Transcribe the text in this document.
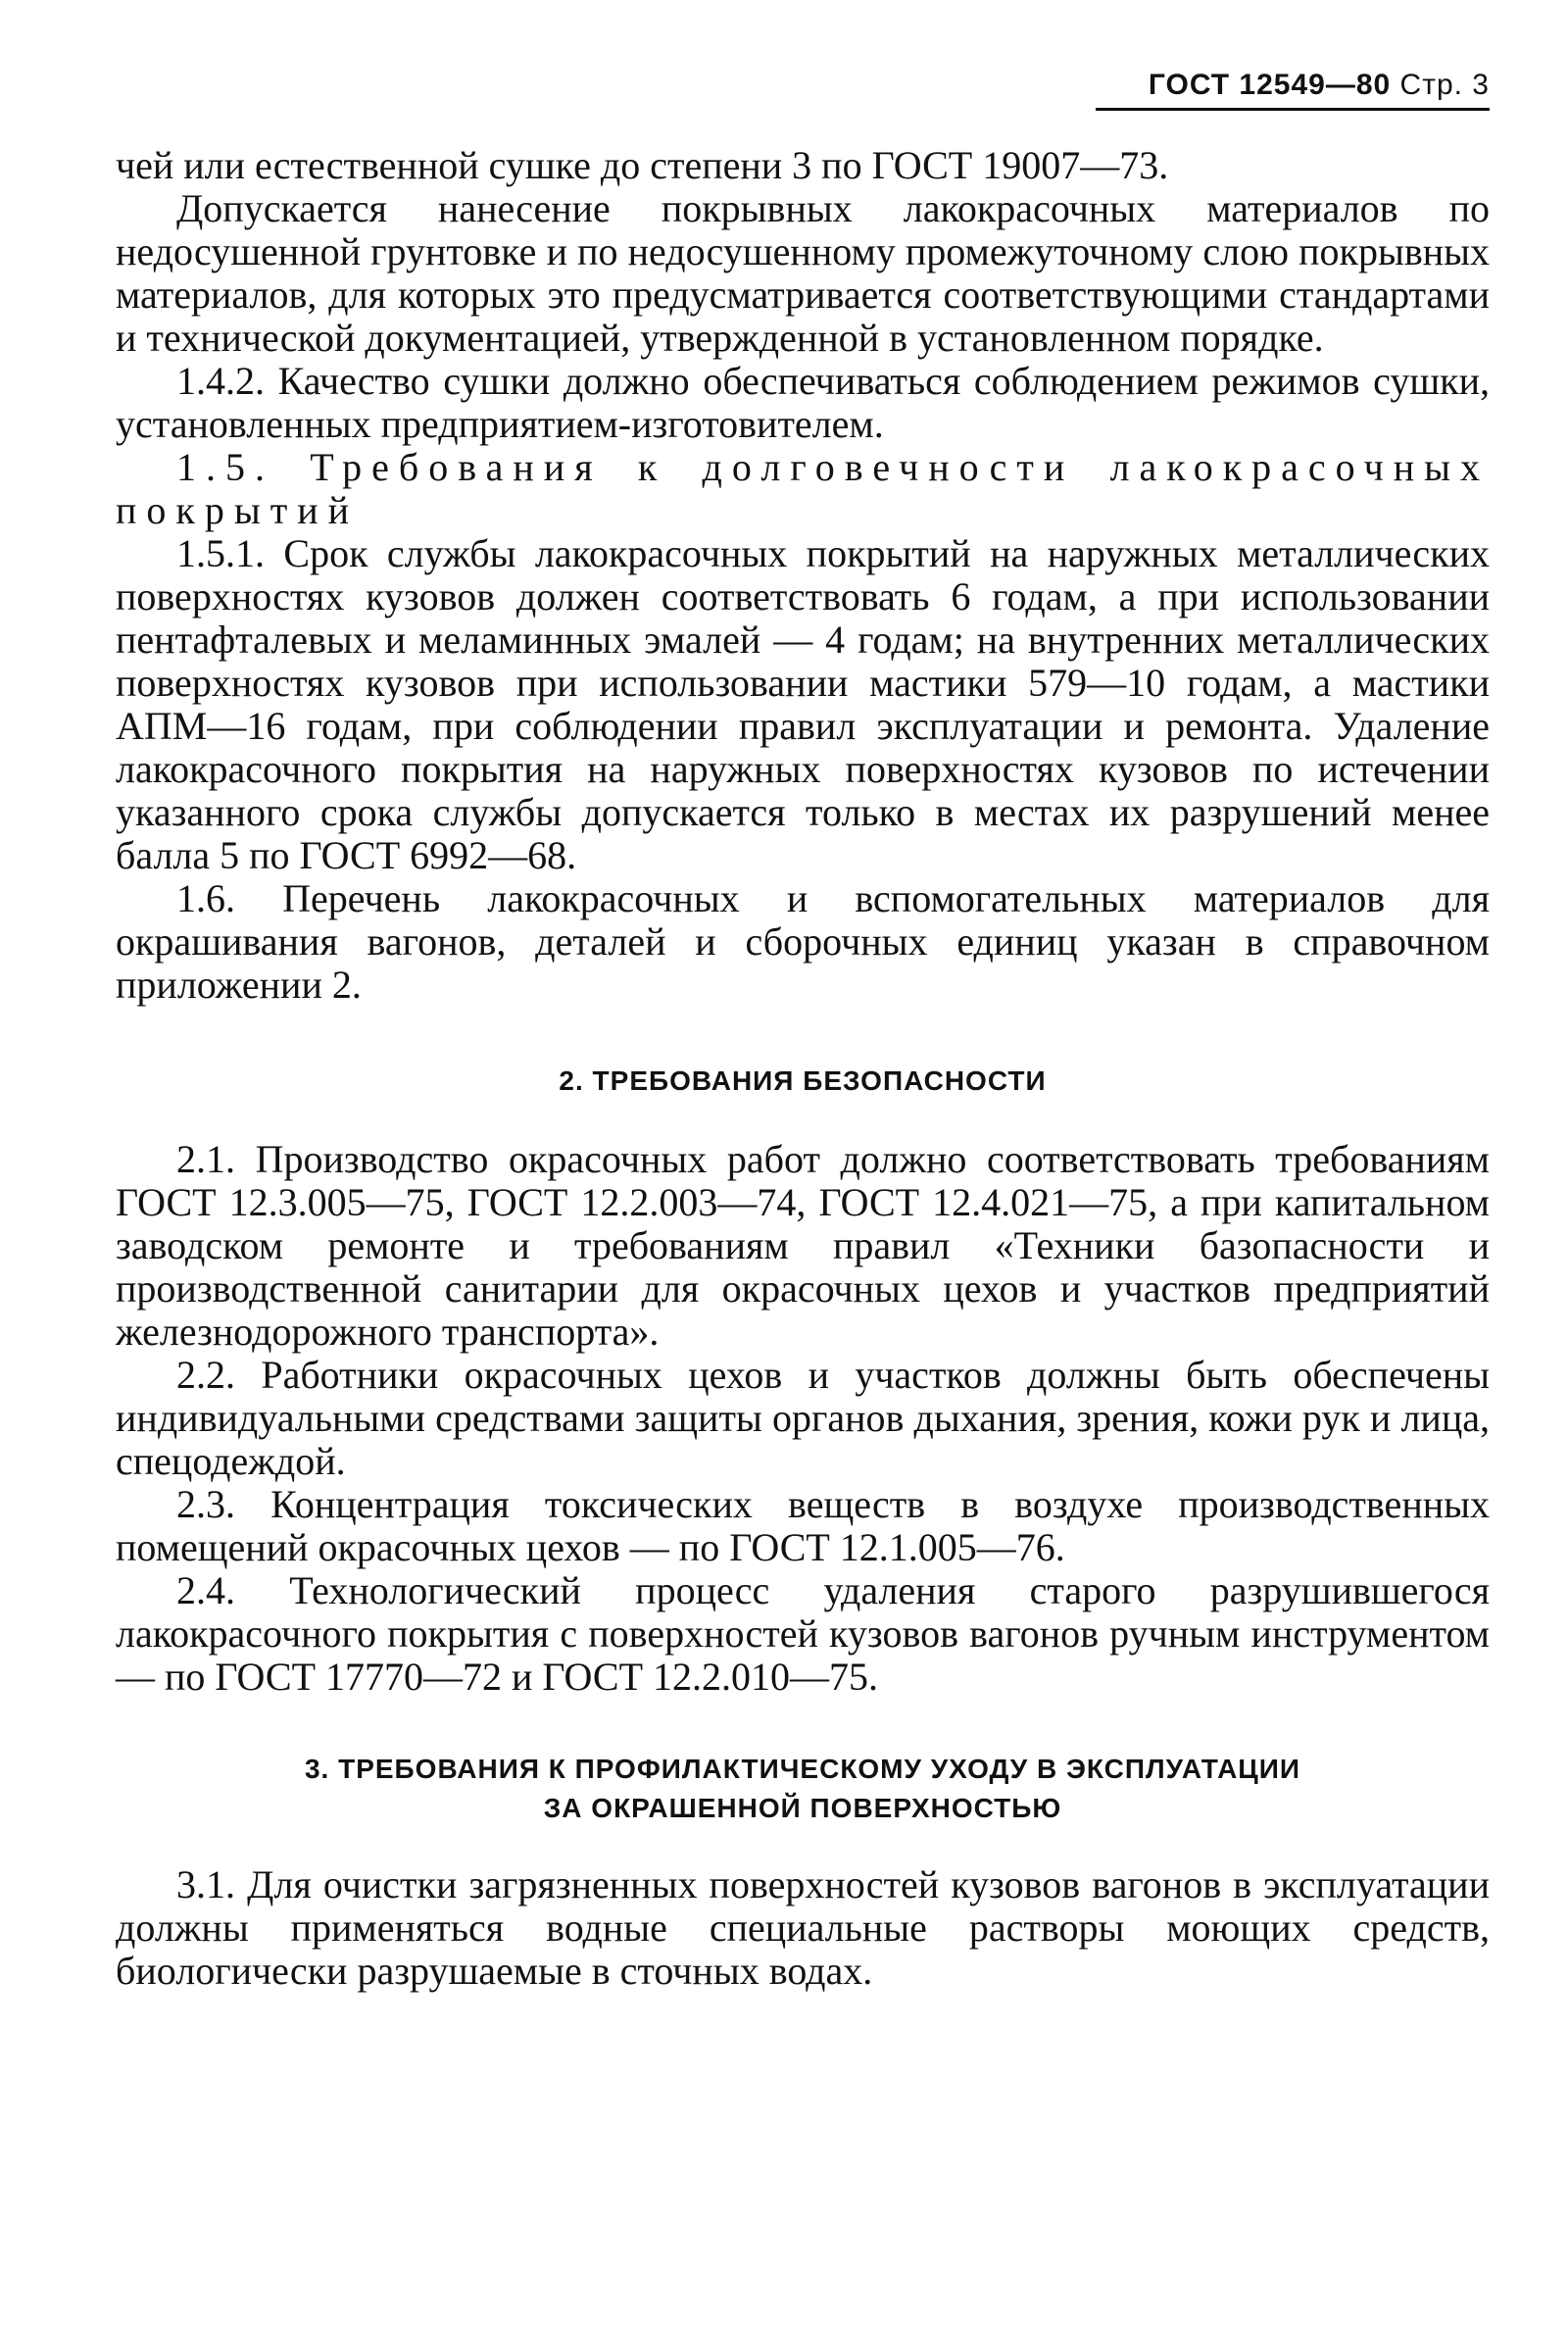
ГОСТ 12549—80 Стр. 3

чей или естественной сушке до степени 3 по ГОСТ 19007—73.

Допускается нанесение покрывных лакокрасочных материалов по недосушенной грунтовке и по недосушенному промежуточному слою покрывных материалов, для которых это предусматривается соответствующими стандартами и технической документацией, утвержденной в установленном порядке.

1.4.2. Качество сушки должно обеспечиваться соблюдением режимов сушки, установленных предприятием-изготовителем.

1.5. Требования к долговечности лакокрасочных покрытий

1.5.1. Срок службы лакокрасочных покрытий на наружных металлических поверхностях кузовов должен соответствовать 6 годам, а при использовании пентафталевых и меламинных эмалей — 4 годам; на внутренних металлических поверхностях кузовов при использовании мастики 579—10 годам, а мастики АПМ—16 годам, при соблюдении правил эксплуатации и ремонта. Удаление лакокрасочного покрытия на наружных поверхностях кузовов по истечении указанного срока службы допускается только в местах их разрушений менее балла 5 по ГОСТ 6992—68.

1.6. Перечень лакокрасочных и вспомогательных материалов для окрашивания вагонов, деталей и сборочных единиц указан в справочном приложении 2.

2. ТРЕБОВАНИЯ БЕЗОПАСНОСТИ

2.1. Производство окрасочных работ должно соответствовать требованиям ГОСТ 12.3.005—75, ГОСТ 12.2.003—74, ГОСТ 12.4.021—75, а при капитальном заводском ремонте и требованиям правил «Техники базопасности и производственной санитарии для окрасочных цехов и участков предприятий железнодорожного транспорта».

2.2. Работники окрасочных цехов и участков должны быть обеспечены индивидуальными средствами защиты органов дыхания, зрения, кожи рук и лица, спецодеждой.

2.3. Концентрация токсических веществ в воздухе производственных помещений окрасочных цехов — по ГОСТ 12.1.005—76.

2.4. Технологический процесс удаления старого разрушившегося лакокрасочного покрытия с поверхностей кузовов вагонов ручным инструментом — по ГОСТ 17770—72 и ГОСТ 12.2.010—75.

3. ТРЕБОВАНИЯ К ПРОФИЛАКТИЧЕСКОМУ УХОДУ В ЭКСПЛУАТАЦИИ
ЗА ОКРАШЕННОЙ ПОВЕРХНОСТЬЮ

3.1. Для очистки загрязненных поверхностей кузовов вагонов в эксплуатации должны применяться водные специальные растворы моющих средств, биологически разрушаемые в сточных водах.
